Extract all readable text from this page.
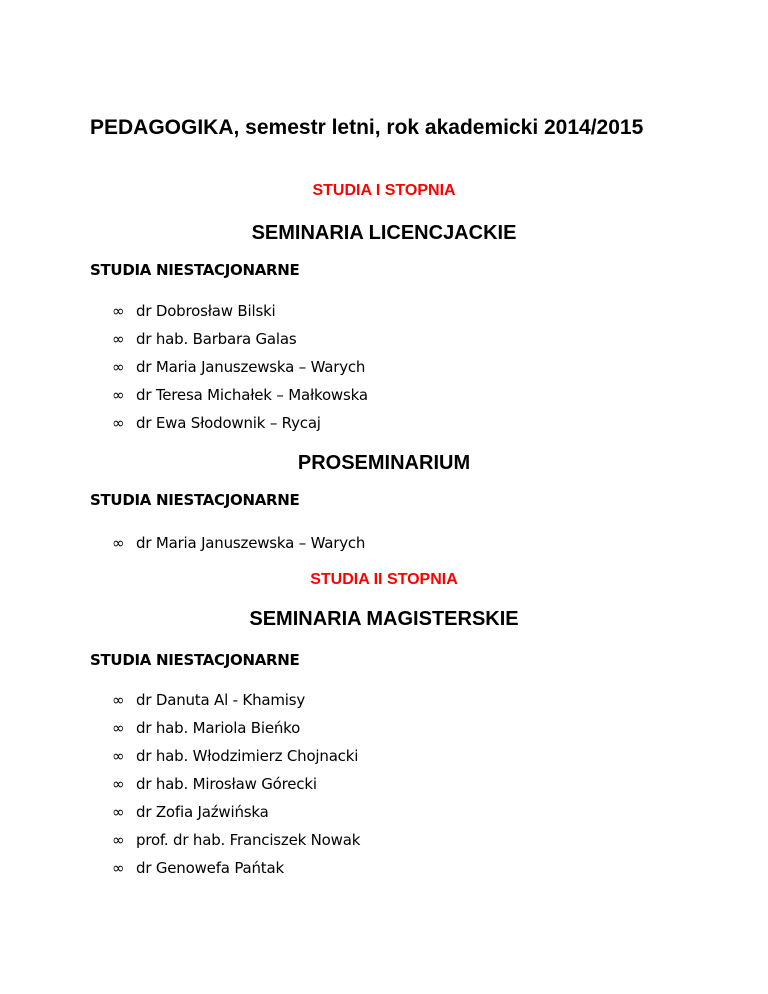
PEDAGOGIKA, semestr letni, rok akademicki 2014/2015
STUDIA I STOPNIA
SEMINARIA LICENCJACKIE
STUDIA NIESTACJONARNE
∞ dr Dobrosław Bilski
∞ dr hab. Barbara Galas
∞ dr Maria Januszewska – Warych
∞ dr Teresa Michałek – Małkowska
∞ dr Ewa Słodownik – Rycaj
PROSEMINARIUM
STUDIA NIESTACJONARNE
∞ dr Maria Januszewska – Warych
STUDIA II STOPNIA
SEMINARIA MAGISTERSKIE
STUDIA NIESTACJONARNE
∞ dr Danuta Al - Khamisy
∞ dr hab. Mariola Bieńko
∞ dr hab. Włodzimierz Chojnacki
∞ dr hab. Mirosław Górecki
∞ dr Zofia Jaźwińska
∞ prof. dr hab. Franciszek Nowak
∞ dr Genowefa Pańtak
